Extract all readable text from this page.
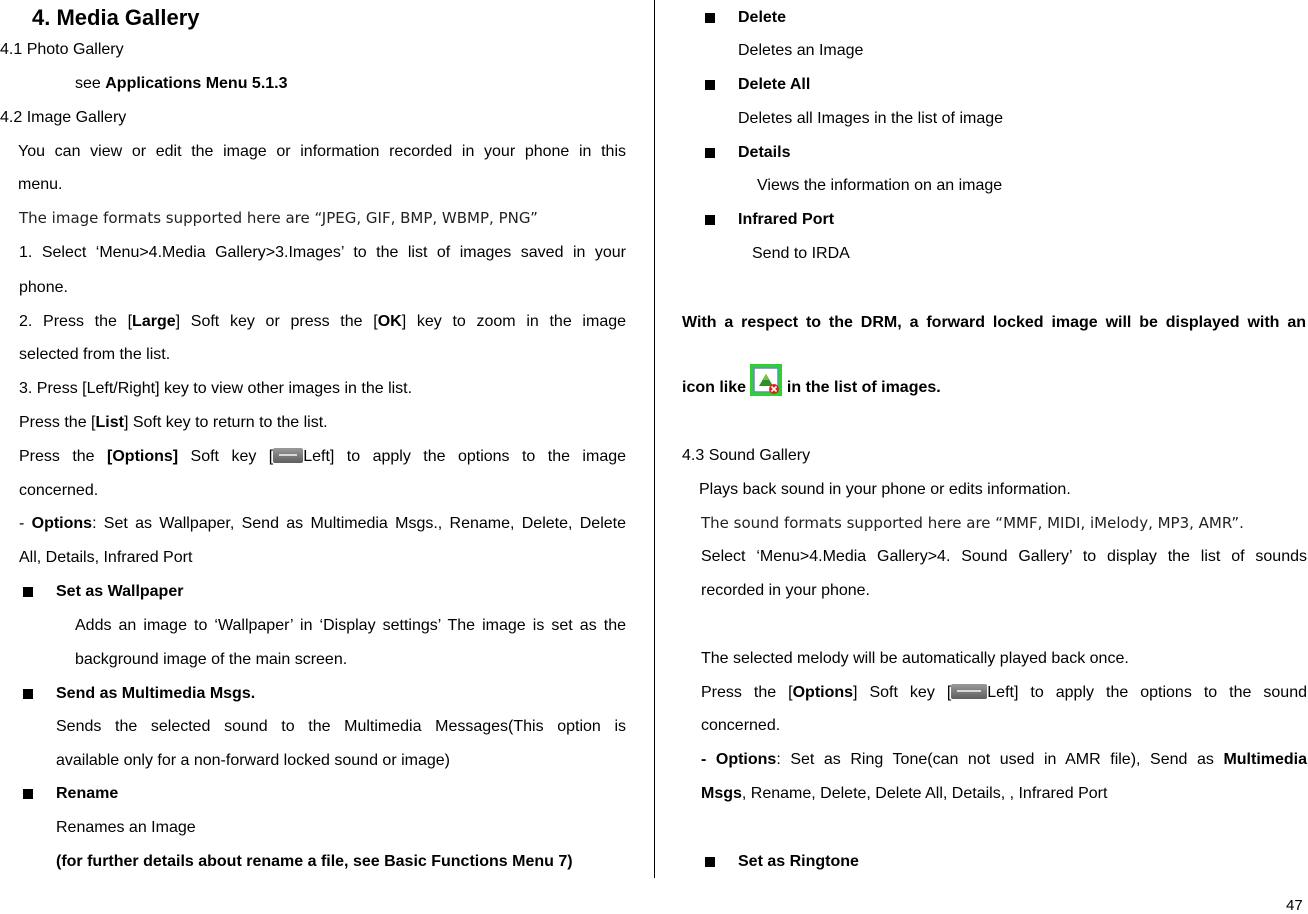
4. Media Gallery
4.1 Photo Gallery
see Applications Menu 5.1.3
4.2 Image Gallery
You can view or edit the image or information recorded in your phone in this
menu.
The image formats supported here are “JPEG, GIF, BMP, WBMP, PNG”
1. Select ‘Menu>4.Media Gallery>3.Images’ to the list of images saved in your
phone.
2. Press the [Large] Soft key or press the [OK] key to zoom in the image
selected from the list.
3. Press [Left/Right] key to view other images in the list.
Press the [List] Soft key to return to the list.
Press the [Options] Soft key [ Left] to apply the options to the image
concerned.
- Options: Set as Wallpaper, Send as Multimedia Msgs., Rename, Delete, Delete
All, Details, Infrared Port
Set as Wallpaper
Adds an image to ‘Wallpaper’ in ‘Display settings’ The image is set as the
background image of the main screen.
Send as Multimedia Msgs.
Sends the selected sound to the Multimedia Messages(This option is
available only for a non-forward locked sound or image)
Rename
Renames an Image
(for further details about rename a file, see Basic Functions Menu 7)
Delete
Deletes an Image
Delete All
Deletes all Images in the list of image
Details
Views the information on an image
Infrared Port
Send to IRDA
With a respect to the DRM, a forward locked image will be displayed with an
icon like  in the list of images.
4.3 Sound Gallery
Plays back sound in your phone or edits information.
The sound formats supported here are “MMF, MIDI, iMelody, MP3, AMR”.
Select ‘Menu>4.Media Gallery>4. Sound Gallery’ to display the list of sounds
recorded in your phone.
The selected melody will be automatically played back once.
Press the [Options] Soft key [ Left] to apply the options to the sound
concerned.
- Options: Set as Ring Tone(can not used in AMR file), Send as Multimedia
Msgs, Rename, Delete, Delete All, Details, , Infrared Port
Set as Ringtone
47
